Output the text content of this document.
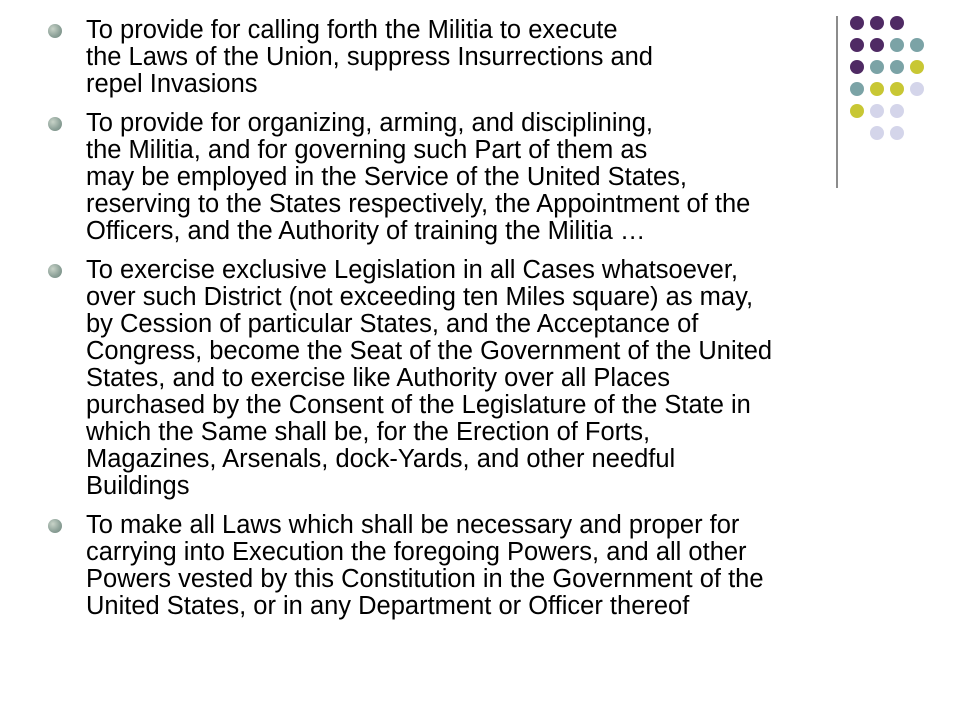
To provide for calling forth the Militia to execute
the Laws of the Union, suppress Insurrections and
repel Invasions
To provide for organizing, arming, and disciplining,
the Militia, and for governing such Part of them as
may be employed in the Service of the United States,
reserving to the States respectively, the Appointment of the
Officers, and the Authority of training the Militia …
To exercise exclusive Legislation in all Cases whatsoever,
over such District (not exceeding ten Miles square) as may,
by Cession of particular States, and the Acceptance of
Congress, become the Seat of the Government of the United
States, and to exercise like Authority over all Places
purchased by the Consent of the Legislature of the State in
which the Same shall be, for the Erection of Forts,
Magazines, Arsenals, dock-Yards, and other needful
Buildings
To make all Laws which shall be necessary and proper for
carrying into Execution the foregoing Powers, and all other
Powers vested by this Constitution in the Government of the
United States, or in any Department or Officer thereof
